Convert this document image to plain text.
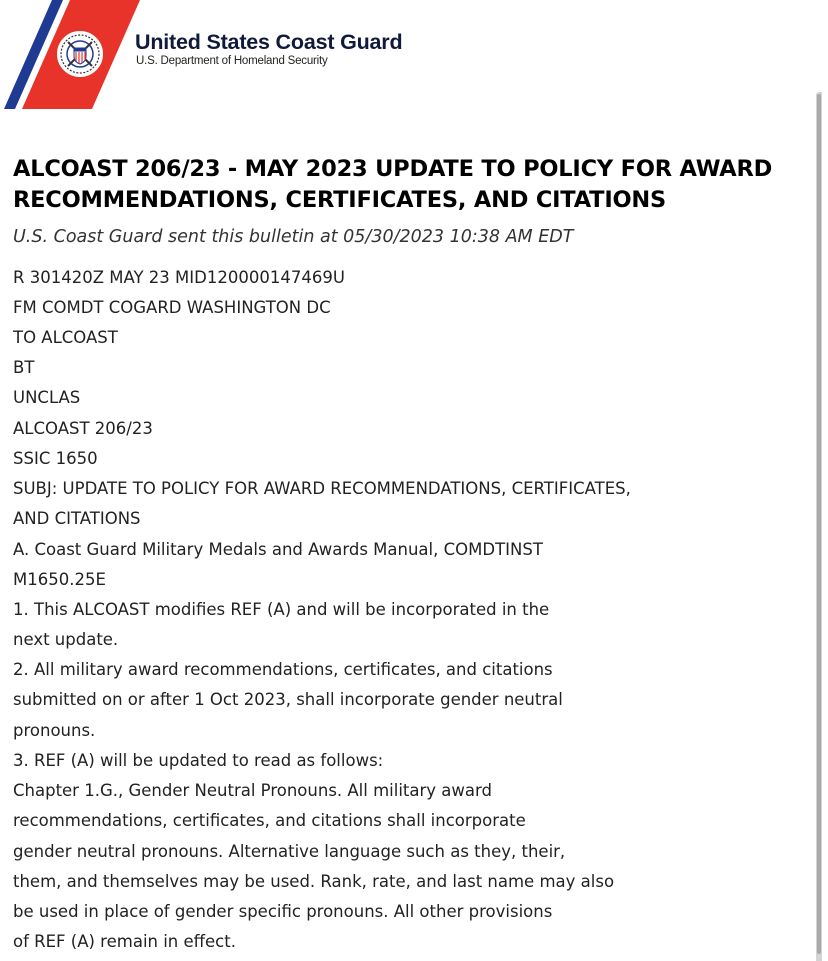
United States Coast Guard

U.S. Department of Homeland Security

ALCOAST 206/23 - MAY 2023 UPDATE TO POLICY FOR AWARD RECOMMENDATIONS, CERTIFICATES, AND CITATIONS

U.S. Coast Guard sent this bulletin at 05/30/2023 10:38 AM EDT

R 301420Z MAY 23 MID120000147469U

FM COMDT COGARD WASHINGTON DC

TO ALCOAST

BT

UNCLAS

ALCOAST 206/23

SSIC 1650

SUBJ: UPDATE TO POLICY FOR AWARD RECOMMENDATIONS, CERTIFICATES,

AND CITATIONS

A. Coast Guard Military Medals and Awards Manual, COMDTINST

M1650.25E

1. This ALCOAST modifies REF (A) and will be incorporated in the

next update.

2. All military award recommendations, certificates, and citations

submitted on or after 1 Oct 2023, shall incorporate gender neutral

pronouns.

3. REF (A) will be updated to read as follows:

Chapter 1.G., Gender Neutral Pronouns. All military award

recommendations, certificates, and citations shall incorporate

gender neutral pronouns. Alternative language such as they, their,

them, and themselves may be used. Rank, rate, and last name may also

be used in place of gender specific pronouns. All other provisions

of REF (A) remain in effect.
